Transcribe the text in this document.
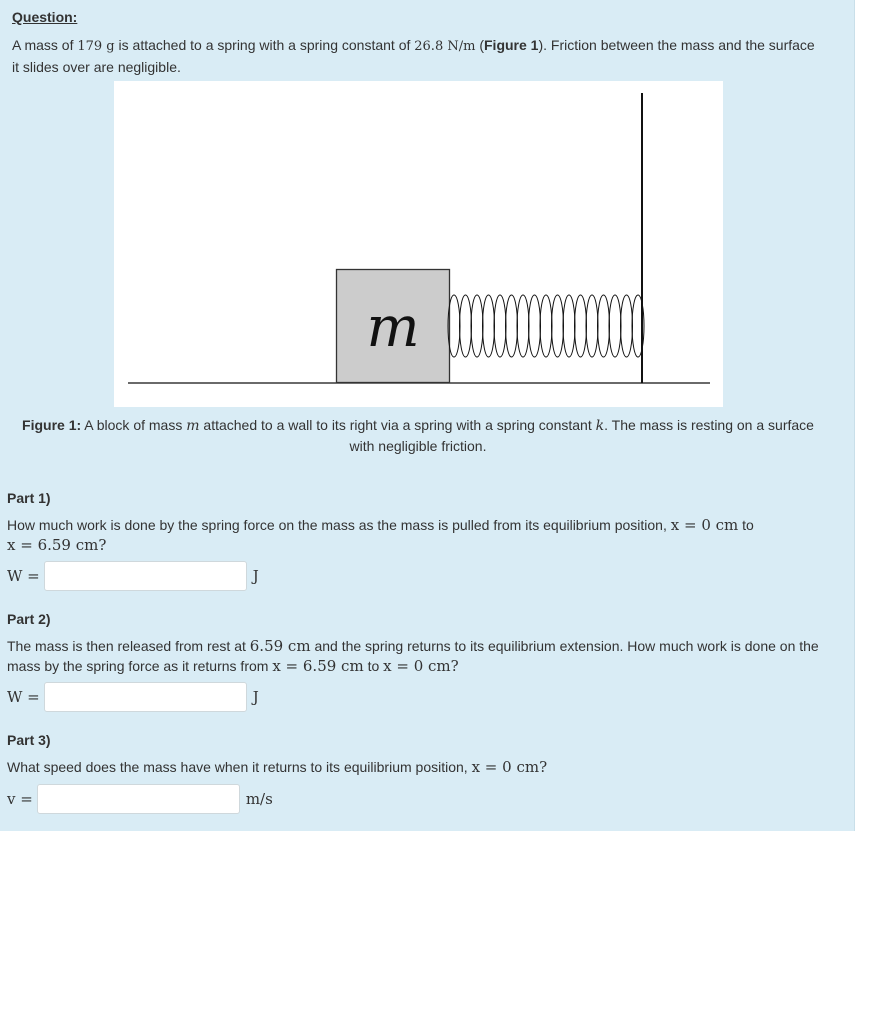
Question:
A mass of 179 g is attached to a spring with a spring constant of 26.8 N/m (Figure 1). Friction between the mass and the surface it slides over are negligible.
m
Figure 1: A block of mass m attached to a wall to its right via a spring with a spring constant k. The mass is resting on a surface with negligible friction.
Part 1)
How much work is done by the spring force on the mass as the mass is pulled from its equilibrium position, x = 0 cm to
x = 6.59 cm?
W =	J
Part 2)
The mass is then released from rest at 6.59 cm and the spring returns to its equilibrium extension. How much work is done on the mass by the spring force as it returns from x = 6.59 cm to x = 0 cm?
W =	J
Part 3)
What speed does the mass have when it returns to its equilibrium position, x = 0 cm?
v =	m/s
